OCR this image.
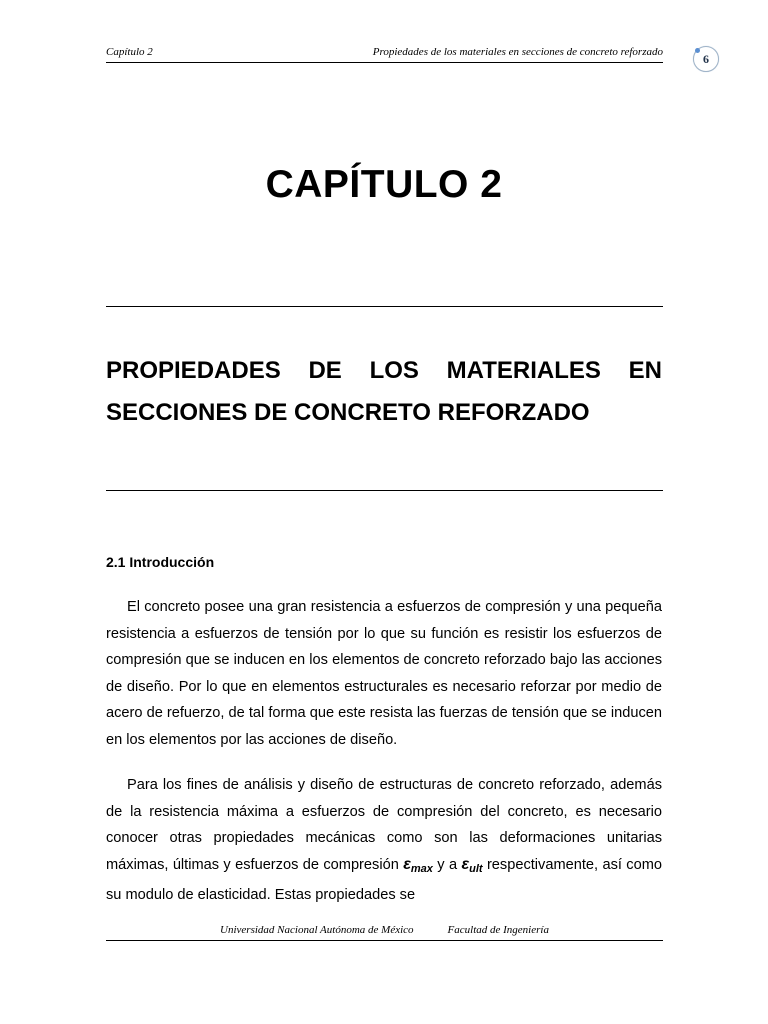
Capítulo 2	Propiedades de los materiales en secciones de concreto reforzado	6
CAPÍTULO 2
PROPIEDADES DE LOS MATERIALES EN
SECCIONES DE CONCRETO REFORZADO
2.1 Introducción

El concreto posee una gran resistencia a esfuerzos de compresión y una pequeña resistencia a esfuerzos de tensión por lo que su función es resistir los esfuerzos de compresión que se inducen en los elementos de concreto reforzado bajo las acciones de diseño. Por lo que en elementos estructurales es necesario reforzar por medio de acero de refuerzo, de tal forma que este resista las fuerzas de tensión que se inducen en los elementos por las acciones de diseño.

Para los fines de análisis y diseño de estructuras de concreto reforzado, además de la resistencia máxima a esfuerzos de compresión del concreto, es necesario conocer otras propiedades mecánicas como son las deformaciones unitarias máximas, últimas y esfuerzos de compresión $\varepsilon_{max}$ y a $\varepsilon_{ult}$ respectivamente, así como su modulo de elasticidad. Estas propiedades se

Universidad Nacional Autónoma de México	Facultad de Ingeniería
